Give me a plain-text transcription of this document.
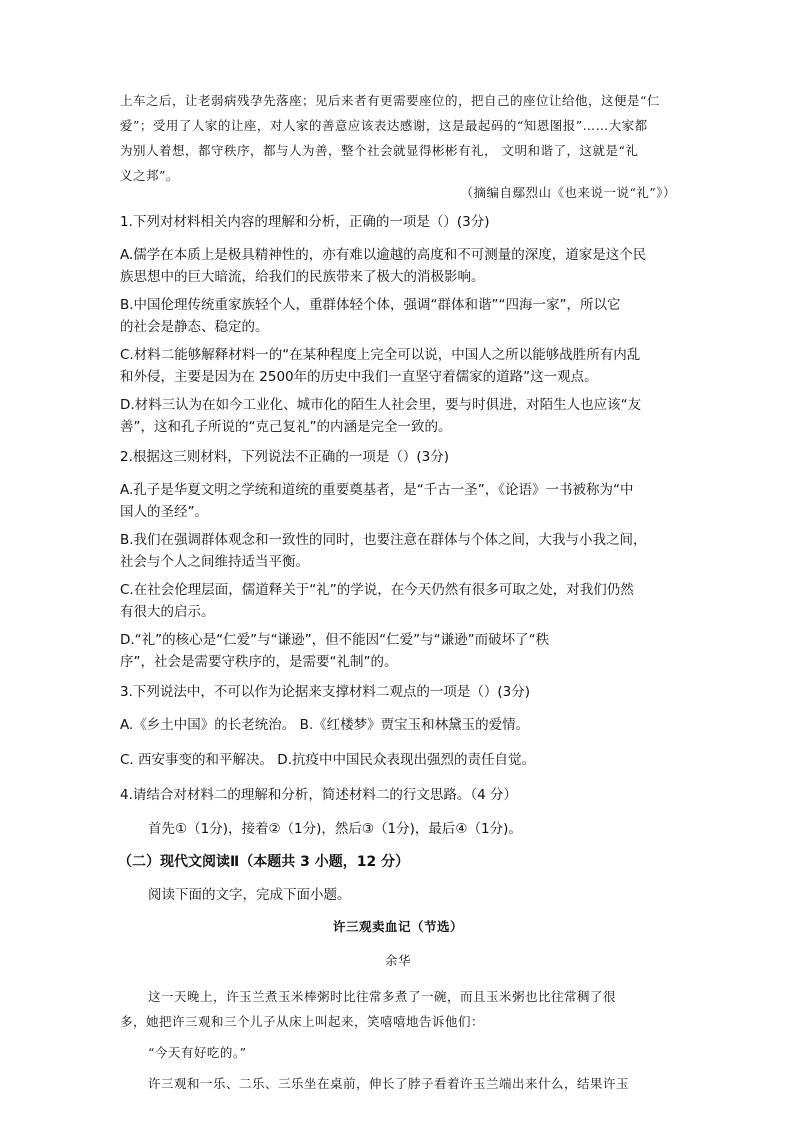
上车之后，让老弱病残孕先落座；见后来者有更需要座位的，把自己的座位让给他，这便是“仁
爱”；受用了人家的让座，对人家的善意应该表达感谢，这是最起码的“知恩图报”……大家都
为别人着想，都守秩序，都与人为善，整个社会就显得彬彬有礼， 文明和谐了，这就是“礼
义之邦”。
（摘编自鄢烈山《也来说一说“礼”》）
1.下列对材料相关内容的理解和分析，正确的一项是（）(3分)
A.儒学在本质上是极具精神性的，亦有难以逾越的高度和不可测量的深度，道家是这个民
族思想中的巨大暗流，给我们的民族带来了极大的消极影响。
B.中国伦理传统重家族轻个人，重群体轻个体，强调“群体和谐”“四海一家”，所以它
的社会是静态、稳定的。
C.材料二能够解释材料一的“在某种程度上完全可以说，中国人之所以能够战胜所有内乱
和外侵，主要是因为在 2500年的历史中我们一直坚守着儒家的道路”这一观点。
D.材料三认为在如今工业化、城市化的陌生人社会里，要与时俱进，对陌生人也应该“友
善”，这和孔子所说的“克己复礼”的内涵是完全一致的。
2.根据这三则材料，下列说法不正确的一项是（）(3分)
A.孔子是华夏文明之学统和道统的重要奠基者，是“千古一圣”，《论语》一书被称为“中
国人的圣经”。
B.我们在强调群体观念和一致性的同时，也要注意在群体与个体之间，大我与小我之间，
社会与个人之间维持适当平衡。
C.在社会伦理层面，儒道释关于“礼”的学说，在今天仍然有很多可取之处，对我们仍然
有很大的启示。
D.“礼”的核心是“仁爱”与“谦逊”，但不能因“仁爱”与“谦逊”而破坏了“秩
序”，社会是需要守秩序的，是需要“礼制”的。
3.下列说法中，不可以作为论据来支撑材料二观点的一项是（）(3分)
A.《乡土中国》的长老统治。 B.《红楼梦》贾宝玉和林黛玉的爱情。
C. 西安事变的和平解决。 D.抗疫中中国民众表现出强烈的责任自觉。
4.请结合对材料二的理解和分析，简述材料二的行文思路。（4 分）
首先①（1分)，接着②（1分)，然后③（1分)，最后④（1分)。
（二）现代文阅读Ⅱ（本题共 3 小题，12 分）
阅读下面的文字，完成下面小题。
许三观卖血记（节选）
余华
这一天晚上，许玉兰煮玉米棒粥时比往常多煮了一碗，而且玉米粥也比往常稠了很
多，她把许三观和三个儿子从床上叫起来，笑嘻嘻地告诉他们：
“今天有好吃的。”
许三观和一乐、二乐、三乐坐在桌前，伸长了脖子看着许玉兰端出来什么，结果许玉
